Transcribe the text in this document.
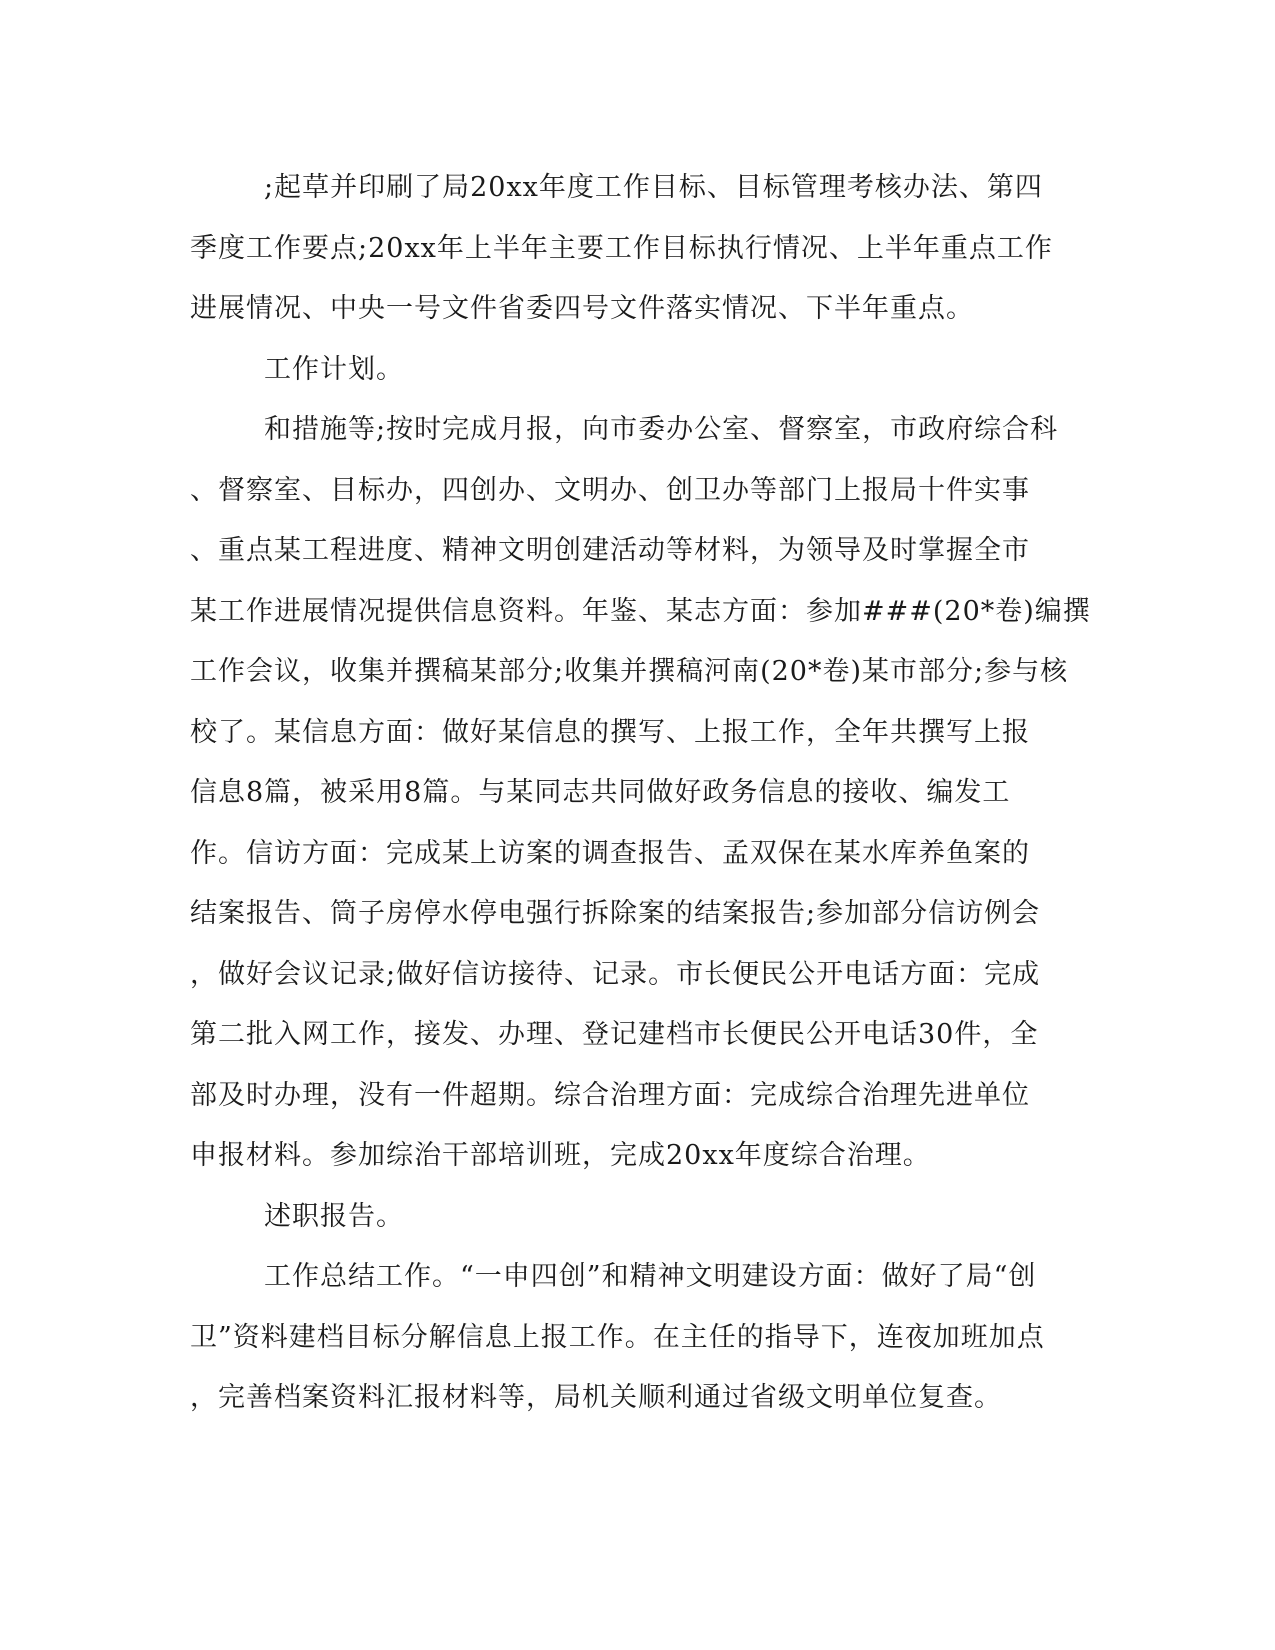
;起草并印刷了局20xx年度工作目标、目标管理考核办法、第四
季度工作要点;20xx年上半年主要工作目标执行情况、上半年重点工作
进展情况、中央一号文件省委四号文件落实情况、下半年重点。
工作计划。
和措施等;按时完成月报，向市委办公室、督察室，市政府综合科
、督察室、目标办，四创办、文明办、创卫办等部门上报局十件实事
、重点某工程进度、精神文明创建活动等材料，为领导及时掌握全市
某工作进展情况提供信息资料。年鉴、某志方面：参加###(20*卷)编撰
工作会议，收集并撰稿某部分;收集并撰稿河南(20*卷)某市部分;参与核
校了。某信息方面：做好某信息的撰写、上报工作，全年共撰写上报
信息8篇，被采用8篇。与某同志共同做好政务信息的接收、编发工
作。信访方面：完成某上访案的调查报告、孟双保在某水库养鱼案的
结案报告、筒子房停水停电强行拆除案的结案报告;参加部分信访例会
，做好会议记录;做好信访接待、记录。市长便民公开电话方面：完成
第二批入网工作，接发、办理、登记建档市长便民公开电话30件，全
部及时办理，没有一件超期。综合治理方面：完成综合治理先进单位
申报材料。参加综治干部培训班，完成20xx年度综合治理。
述职报告。
工作总结工作。“一申四创”和精神文明建设方面：做好了局“创
卫”资料建档目标分解信息上报工作。在主任的指导下，连夜加班加点
，完善档案资料汇报材料等，局机关顺利通过省级文明单位复查。
